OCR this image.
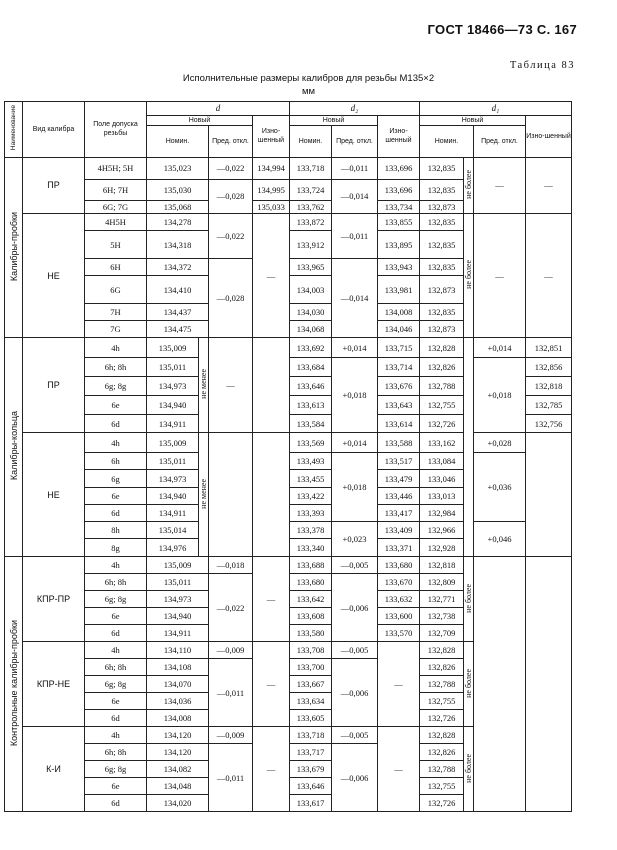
ГОСТ 18466—73 С. 167
Таблица 83
Исполнительные размеры калибров для резьбы M135×2
мм
Наименование	Вид калибра	Поле допуска резьбы	d				d₂			d₁			
			Новый			Изно-шенный	Новый		Изно-шенный	Новый			Изно-шенный
			Номин.		Пред. откл.		Номин.	Пред. откл.		Номин.		Пред. откл.	
Калибры-пробки	ПР	4H5H; 5H	135,023		—0,022	134,994	133,718	—0,011	133,696	132,835	не более	—	—
		6H; 7H	135,030		—0,028	134,995	133,724	—0,014	133,696	132,835			
		6G; 7G	135,068			135,033	133,762		133,734	132,873			
	НЕ	4H5H	134,278		—0,022	—	133,872	—0,011	133,855	132,835	не более	—	—
		5H	134,318				133,912		133,895	132,835			
		6H	134,372		—0,028		133,965	—0,014	133,943	132,835			
		6G	134,410				134,003		133,981	132,873			
		7H	134,437				134,030		134,008	132,835			
		7G	134,475				134,068		134,046	132,873			
Калибры-кольца	ПР	4h	135,009	не менее	—		133,692	+0,014	133,715	132,828		+0,014	132,851
		6h; 8h	135,011				133,684	+0,018	133,714	132,826		+0,018	132,856
		6g; 8g	134,973				133,646		133,676	132,788			132,818
		6e	134,940				133,613		133,643	132,755			132,785
		6d	134,911				133,584		133,614	132,726			132,756
	НЕ	4h	135,009	не менее			133,569	+0,014	133,588	133,162		+0,028	
		6h	135,011				133,493	+0,018	133,517	133,084		+0,036	
		6g	134,973				133,455		133,479	133,046			
		6e	134,940				133,422		133,446	133,013			
		6d	134,911				133,393		133,417	132,984			
		8h	135,014				133,378	+0,023	133,409	132,966		+0,046	
		8g	134,976				133,340		133,371	132,928			
Контрольные калибры-пробки	КПР-ПР	4h	135,009		—0,018	—	133,688	—0,005	133,680	132,818	не более		
		6h; 8h	135,011		—0,022		133,680	—0,006	133,670	132,809			
		6g; 8g	134,973				133,642		133,632	132,771			
		6e	134,940				133,608		133,600	132,738			
		6d	134,911				133,580		133,570	132,709			
	КПР-НЕ	4h	134,110		—0,009	—	133,708	—0,005	—	132,828	не более		
		6h; 8h	134,108		—0,011		133,700	—0,006		132,826			
		6g; 8g	134,070				133,667			132,788			
		6e	134,036				133,634			132,755			
		6d	134,008				133,605			132,726			
	К-И	4h	134,120		—0,009	—	133,718	—0,005	—	132,828	не более		
		6h; 8h	134,120		—0,011		133,717	—0,006		132,826			
		6g; 8g	134,082				133,679			132,788			
		6e	134,048				133,646			132,755			
		6d	134,020				133,617			132,726			
